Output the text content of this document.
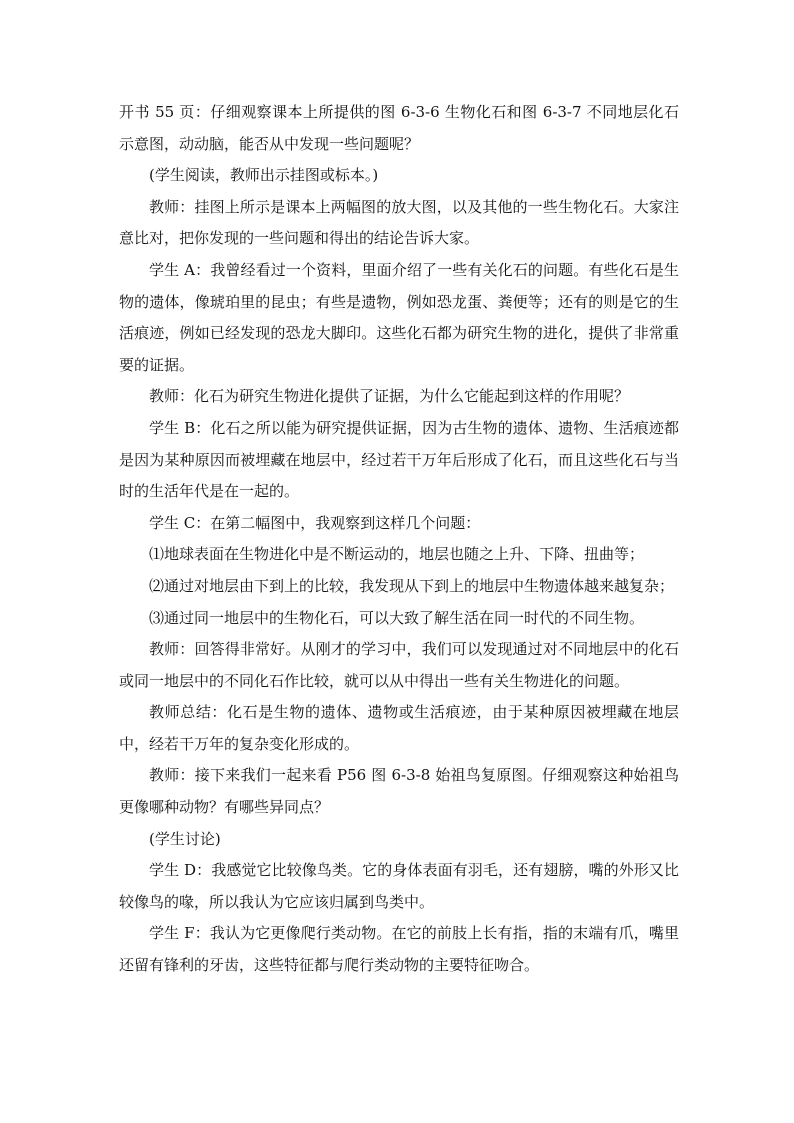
开书 55 页：仔细观察课本上所提供的图 6-3-6 生物化石和图 6-3-7 不同地层化石示意图，动动脑，能否从中发现一些问题呢？

(学生阅读，教师出示挂图或标本。)

教师：挂图上所示是课本上两幅图的放大图，以及其他的一些生物化石。大家注意比对，把你发现的一些问题和得出的结论告诉大家。

学生 A：我曾经看过一个资料，里面介绍了一些有关化石的问题。有些化石是生物的遗体，像琥珀里的昆虫；有些是遗物，例如恐龙蛋、粪便等；还有的则是它的生活痕迹，例如已经发现的恐龙大脚印。这些化石都为研究生物的进化，提供了非常重要的证据。

教师：化石为研究生物进化提供了证据，为什么它能起到这样的作用呢？

学生 B：化石之所以能为研究提供证据，因为古生物的遗体、遗物、生活痕迹都是因为某种原因而被埋藏在地层中，经过若干万年后形成了化石，而且这些化石与当时的生活年代是在一起的。

学生 C：在第二幅图中，我观察到这样几个问题：

⑴地球表面在生物进化中是不断运动的，地层也随之上升、下降、扭曲等；

⑵通过对地层由下到上的比较，我发现从下到上的地层中生物遗体越来越复杂；

⑶通过同一地层中的生物化石，可以大致了解生活在同一时代的不同生物。

教师：回答得非常好。从刚才的学习中，我们可以发现通过对不同地层中的化石或同一地层中的不同化石作比较，就可以从中得出一些有关生物进化的问题。

教师总结：化石是生物的遗体、遗物或生活痕迹，由于某种原因被埋藏在地层中，经若干万年的复杂变化形成的。

教师：接下来我们一起来看 P56 图 6-3-8 始祖鸟复原图。仔细观察这种始祖鸟更像哪种动物？有哪些异同点？

(学生讨论)

学生 D：我感觉它比较像鸟类。它的身体表面有羽毛，还有翅膀，嘴的外形又比较像鸟的喙，所以我认为它应该归属到鸟类中。

学生 F：我认为它更像爬行类动物。在它的前肢上长有指，指的末端有爪，嘴里还留有锋利的牙齿，这些特征都与爬行类动物的主要特征吻合。
